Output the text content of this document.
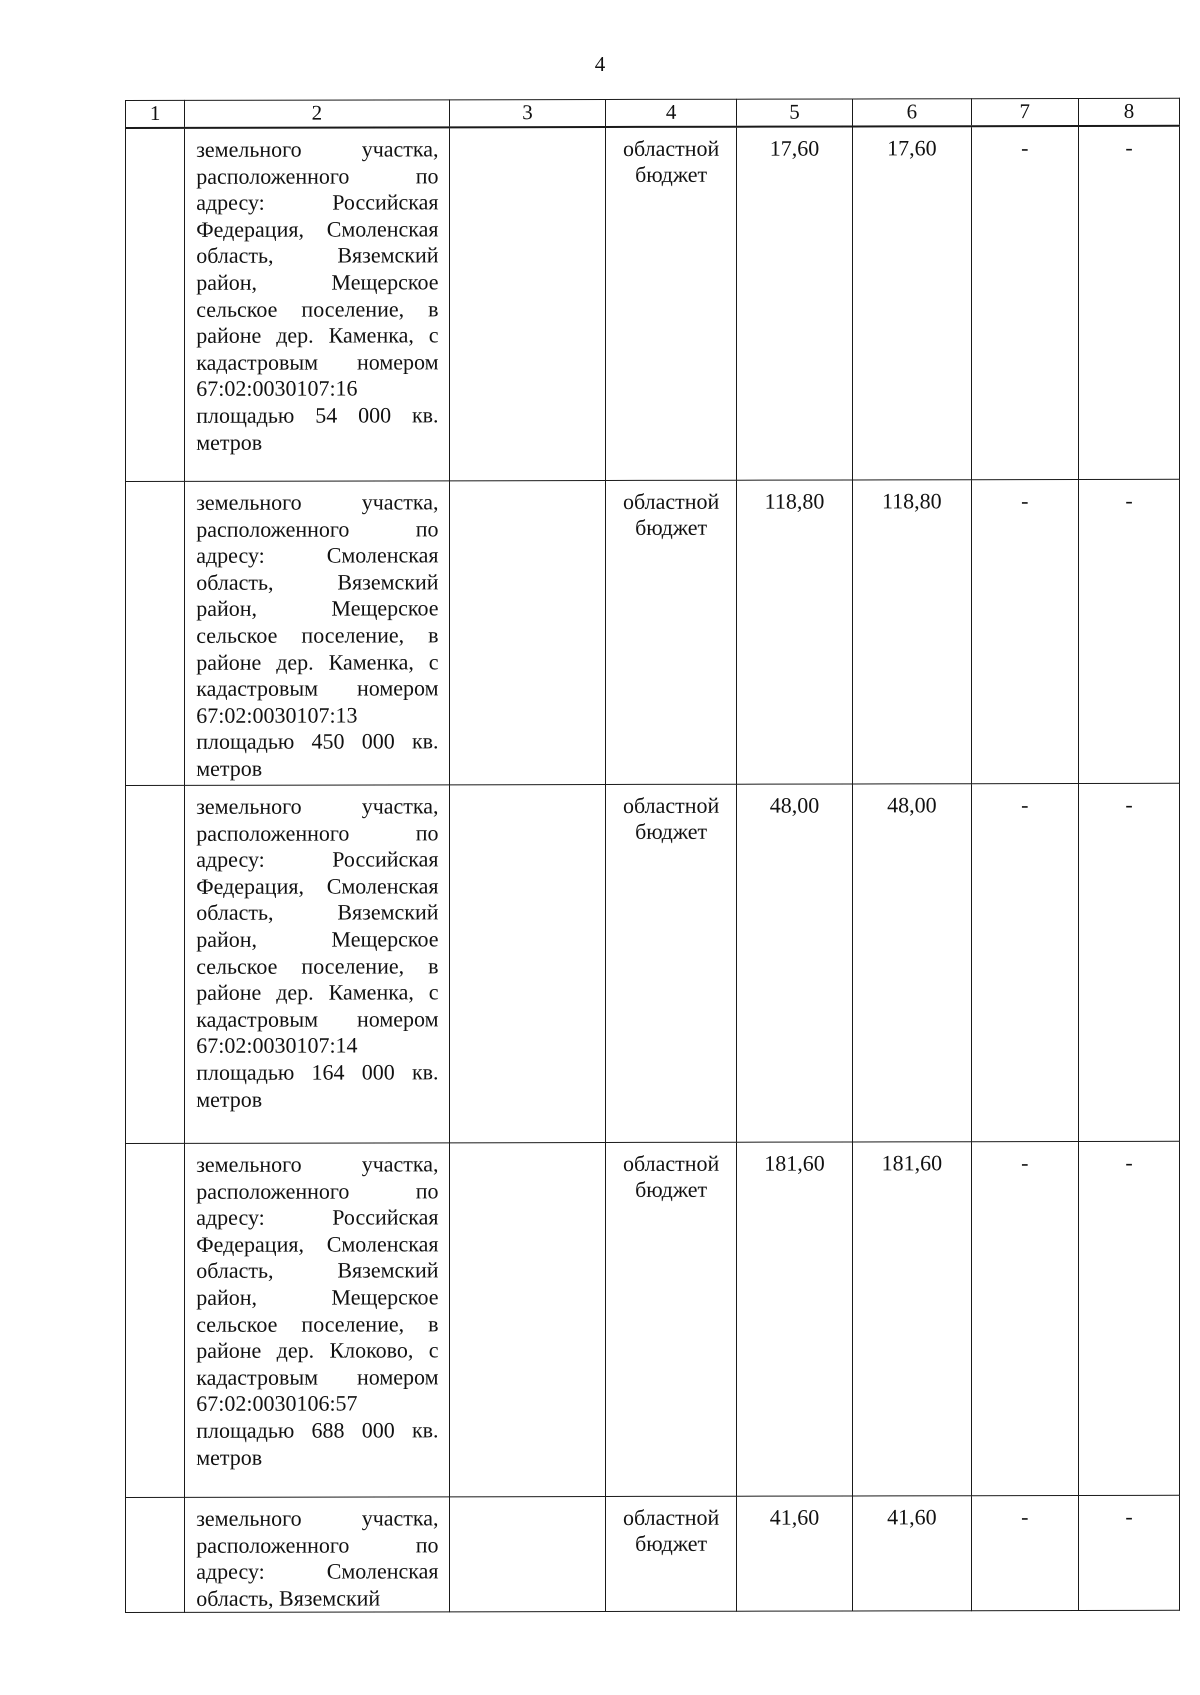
4
1	2	3	4	5	6	7	8
	земельного участка, расположенного по адресу: Российская Федерация, Смоленская область, Вяземский район, Мещерское сельское поселение, в районе дер. Каменка, с кадастровым номером 67:02:0030107:16 площадью 54 000 кв. метров		областной бюджет	17,60	17,60	-	-
	земельного участка, расположенного по адресу: Смоленская область, Вяземский район, Мещерское сельское поселение, в районе дер. Каменка, с кадастровым номером 67:02:0030107:13 площадью 450 000 кв. метров		областной бюджет	118,80	118,80	-	-
	земельного участка, расположенного по адресу: Российская Федерация, Смоленская область, Вяземский район, Мещерское сельское поселение, в районе дер. Каменка, с кадастровым номером 67:02:0030107:14 площадью 164 000 кв. метров		областной бюджет	48,00	48,00	-	-
	земельного участка, расположенного по адресу: Российская Федерация, Смоленская область, Вяземский район, Мещерское сельское поселение, в районе дер. Клоково, с кадастровым номером 67:02:0030106:57 площадью 688 000 кв. метров		областной бюджет	181,60	181,60	-	-
	земельного участка, расположенного по адресу: Смоленская область, Вяземский		областной бюджет	41,60	41,60	-	-
